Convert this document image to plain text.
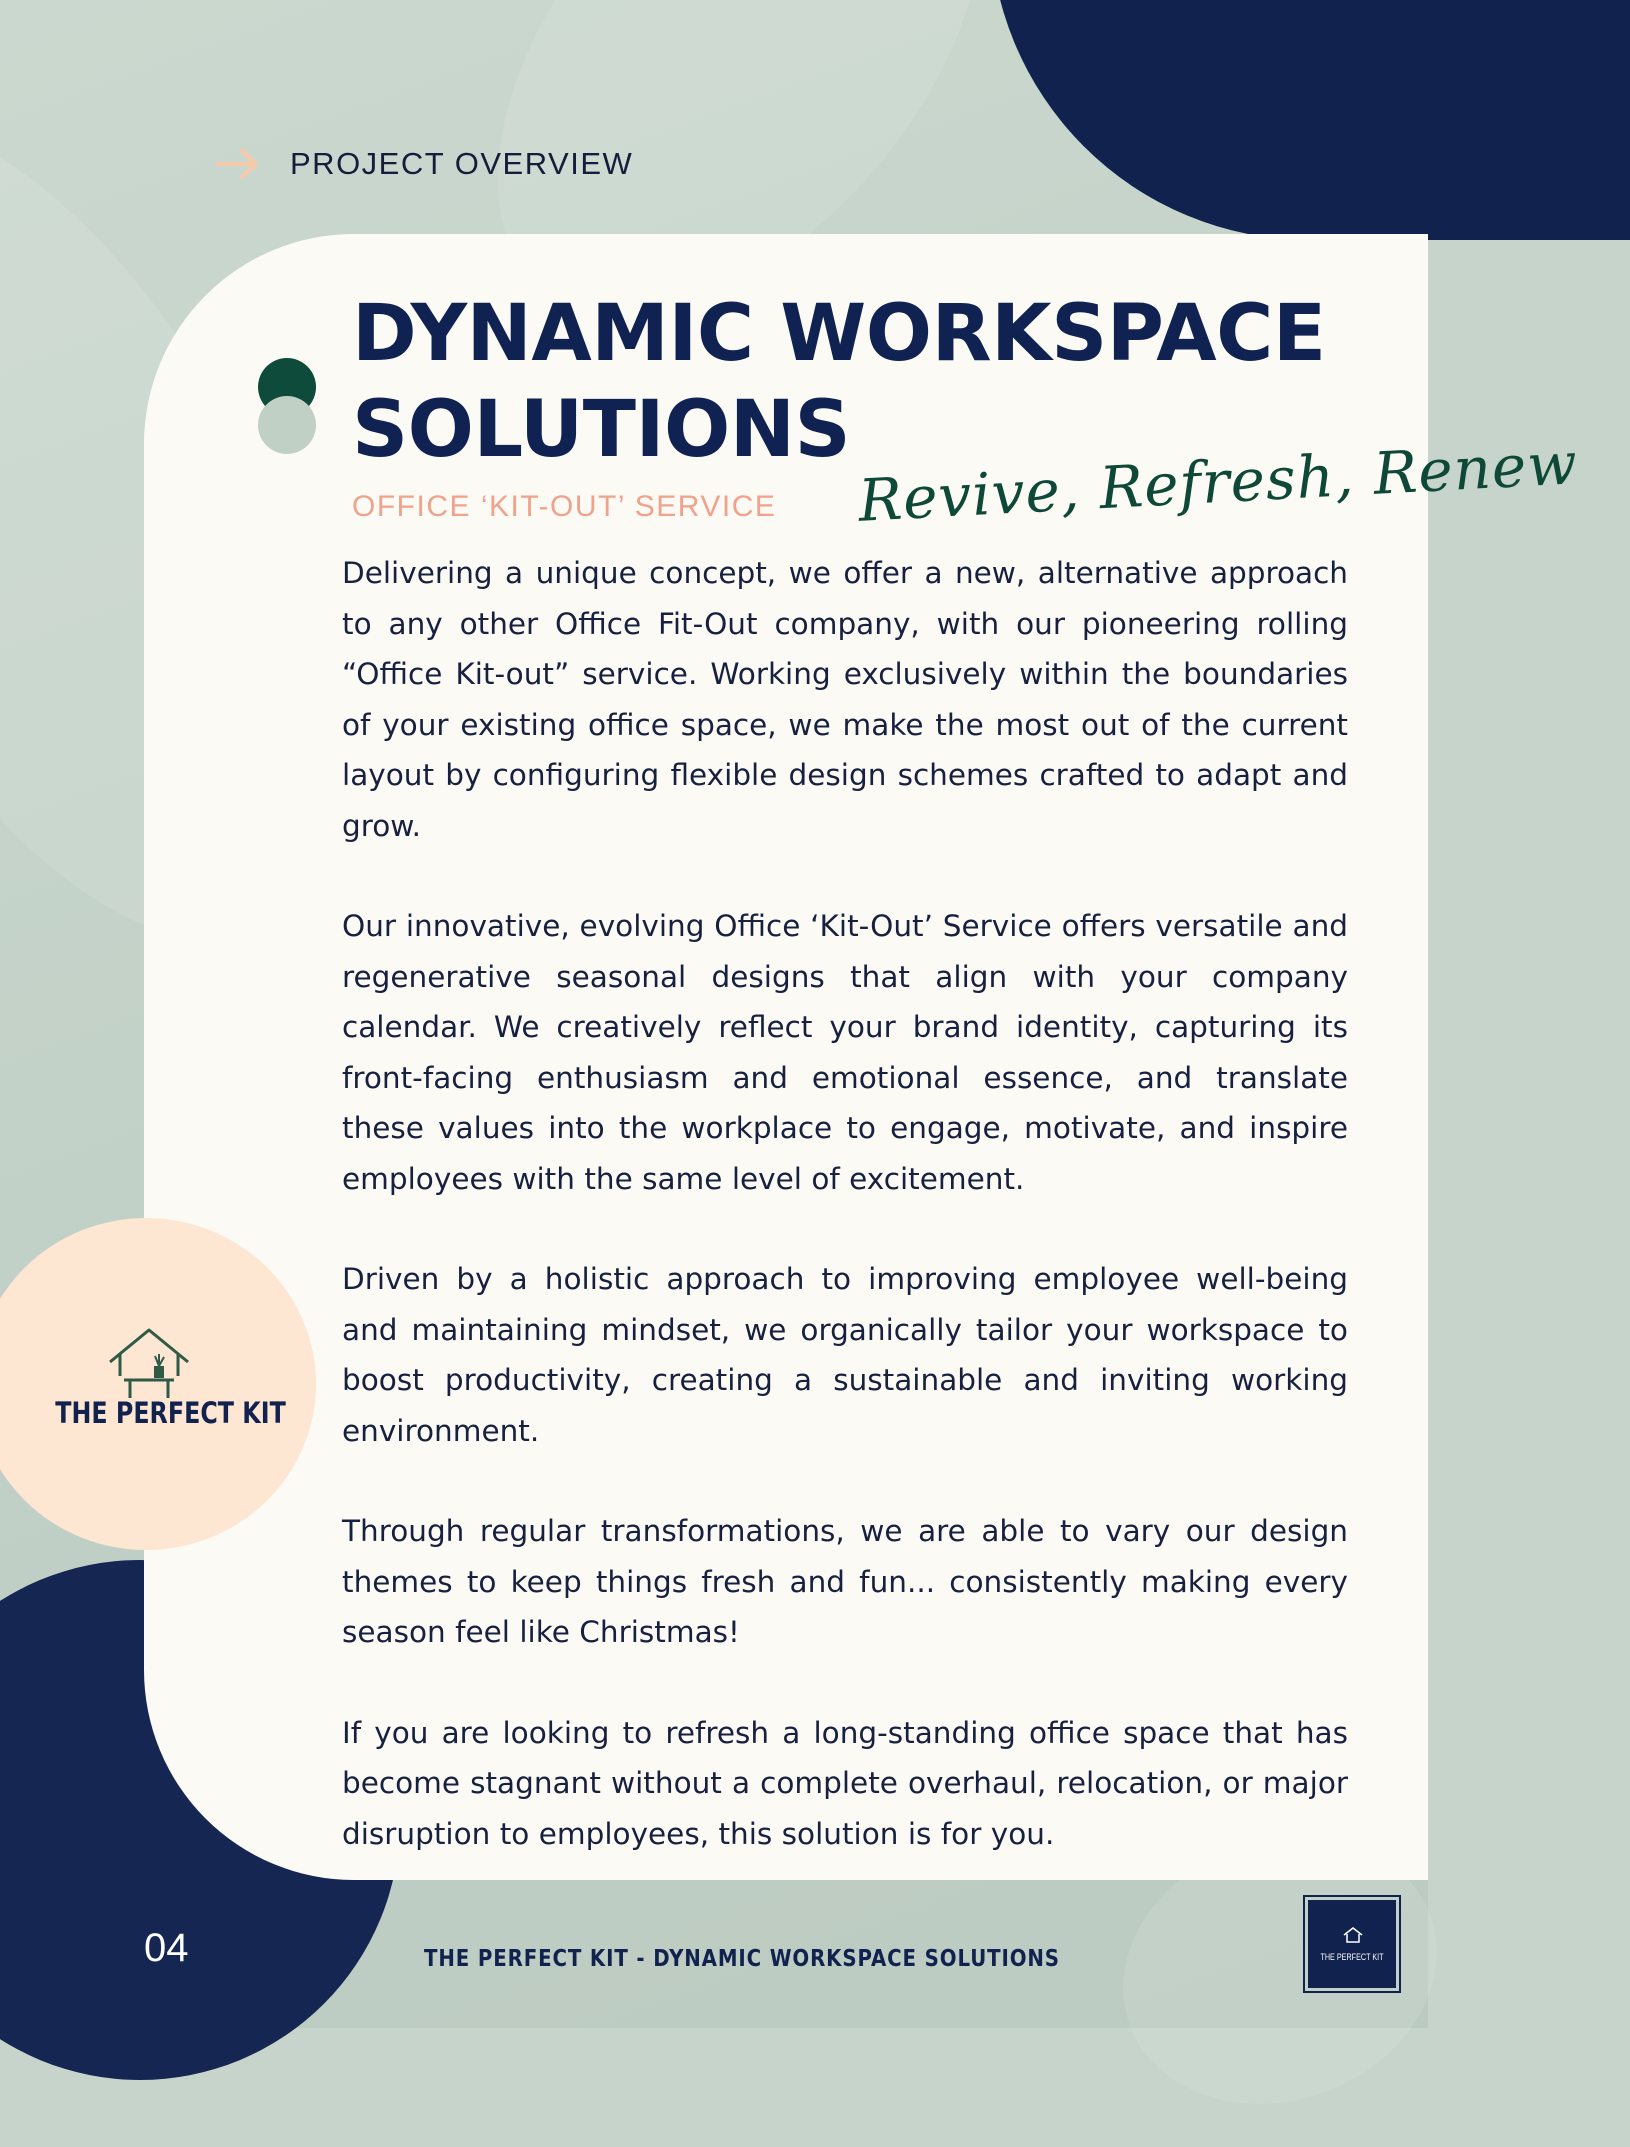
PROJECT OVERVIEW
DYNAMIC WORKSPACE
SOLUTIONS
OFFICE ‘KIT-OUT’ SERVICE Revive, Refresh, Renew

Delivering a unique concept, we offer a new, alternative approach to any other Office Fit-Out company, with our pioneering rolling “Office Kit-out” service. Working exclusively within the boundaries of your existing office space, we make the most out of the current layout by configuring flexible design schemes crafted to adapt and grow.

Our innovative, evolving Office ‘Kit-Out’ Service offers versatile and regenerative seasonal designs that align with your company calendar. We creatively reflect your brand identity, capturing its front-facing enthusiasm and emotional essence, and translate these values into the workplace to engage, motivate, and inspire employees with the same level of excitement.

Driven by a holistic approach to improving employee well-being and maintaining mindset, we organically tailor your workspace to boost productivity, creating a sustainable and inviting working environment.

Through regular transformations, we are able to vary our design themes to keep things fresh and fun... consistently making every season feel like Christmas!

If you are looking to refresh a long-standing office space that has become stagnant without a complete overhaul, relocation, or major disruption to employees, this solution is for you.

THE PERFECT KIT
04	THE PERFECT KIT - DYNAMIC WORKSPACE SOLUTIONS	THE PERFECT KIT
